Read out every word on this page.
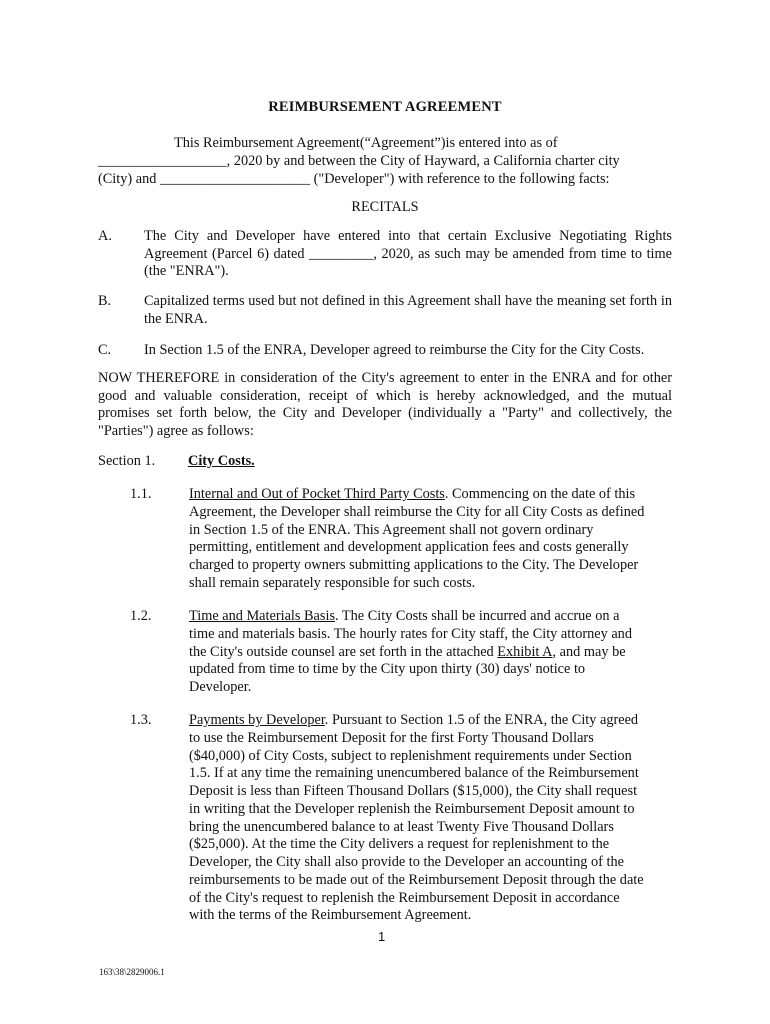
REIMBURSEMENT AGREEMENT
This Reimbursement Agreement(“Agreement”)is entered into as of
__________________, 2020 by and between the City of Hayward, a California charter city
(City) and _____________________ ("Developer") with reference to the following facts:
RECITALS
A. The City and Developer have entered into that certain Exclusive Negotiating Rights Agreement (Parcel 6) dated _________, 2020, as such may be amended from time to time (the "ENRA").
B. Capitalized terms used but not defined in this Agreement shall have the meaning set forth in the ENRA.
C. In Section 1.5 of the ENRA, Developer agreed to reimburse the City for the City Costs.
NOW THEREFORE in consideration of the City's agreement to enter in the ENRA and for other good and valuable consideration, receipt of which is hereby acknowledged, and the mutual promises set forth below, the City and Developer (individually a "Party" and collectively, the "Parties") agree as follows:
Section 1. City Costs.
1.1.	Internal and Out of Pocket Third Party Costs. Commencing on the date of this
Agreement, the Developer shall reimburse the City for all City Costs as defined
in Section 1.5 of the ENRA. This Agreement shall not govern ordinary
permitting, entitlement and development application fees and costs generally
charged to property owners submitting applications to the City. The Developer
shall remain separately responsible for such costs.
1.2.	Time and Materials Basis. The City Costs shall be incurred and accrue on a
time and materials basis. The hourly rates for City staff, the City attorney and
the City's outside counsel are set forth in the attached Exhibit A, and may be
updated from time to time by the City upon thirty (30) days' notice to
Developer.
1.3.	Payments by Developer. Pursuant to Section 1.5 of the ENRA, the City agreed
to use the Reimbursement Deposit for the first Forty Thousand Dollars
($40,000) of City Costs, subject to replenishment requirements under Section
1.5. If at any time the remaining unencumbered balance of the Reimbursement
Deposit is less than Fifteen Thousand Dollars ($15,000), the City shall request
in writing that the Developer replenish the Reimbursement Deposit amount to
bring the unencumbered balance to at least Twenty Five Thousand Dollars
($25,000). At the time the City delivers a request for replenishment to the
Developer, the City shall also provide to the Developer an accounting of the
reimbursements to be made out of the Reimbursement Deposit through the date
of the City's request to replenish the Reimbursement Deposit in accordance
with the terms of the Reimbursement Agreement.
1
163\38\2829006.1
